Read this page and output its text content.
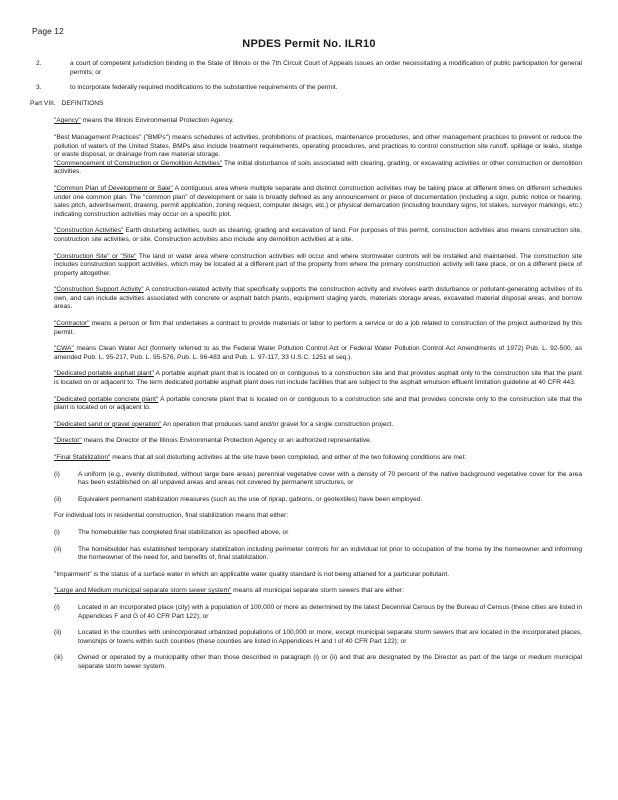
Page 12
NPDES Permit No. ILR10
2.	a court of competent jurisdiction binding in the State of Illinois or the 7th Circuit Court of Appeals issues an order necessitating a modification of public participation for general permits; or
3.	to incorporate federally required modifications to the substantive requirements of the permit.
Part VIII. DEFINITIONS
"Agency" means the Illinois Environmental Protection Agency.
"Best Management Practices" ("BMPs") means schedules of activities, prohibitions of practices, maintenance procedures, and other management practices to prevent or reduce the pollution of waters of the United States. BMPs also include treatment requirements, operating procedures, and practices to control construction site runoff, spillage or leaks, sludge or waste disposal, or drainage from raw material storage.
"Commencement of Construction or Demolition Activities" The initial disturbance of soils associated with clearing, grading, or excavating activities or other construction or demolition activities.
"Common Plan of Development or Sale" A contiguous area where multiple separate and distinct construction activities may be taking place at different times on different schedules under one common plan. The "common plan" of development or sale is broadly defined as any announcement or piece of documentation (including a sign, public notice or hearing, sales pitch, advertisement, drawing, permit application, zoning request, computer design, etc.) or physical demarcation (including boundary signs, lot stakes, surveyor markings, etc.) indicating construction activities may occur on a specific plot.
"Construction Activities" Earth disturbing activities, such as clearing, grading and excavation of land. For purposes of this permit, construction activities also means construction site, construction site activities, or site. Construction activities also include any demolition activities at a site.
"Construction Site" or "Site" The land or water area where construction activities will occur and where stormwater controls will be installed and maintained. The construction site includes construction support activities, which may be located at a different part of the property from where the primary construction activity will take place, or on a different piece of property altogether.
"Construction Support Activity" A construction-related activity that specifically supports the construction activity and involves earth disturbance or pollutant-generating activities of its own, and can include activities associated with concrete or asphalt batch plants, equipment staging yards, materials storage areas, excavated material disposal areas, and borrow areas.
"Contractor" means a person or firm that undertakes a contract to provide materials or labor to perform a service or do a job related to construction of the project authorized by this permit.
"CWA" means Clean Water Act (formerly referred to as the Federal Water Pollution Control Act or Federal Water Pollution Control Act Amendments of 1972) Pub. L. 92-500, as amended Pub. L. 95-217, Pub. L. 95-576, Pub. L. 96-483 and Pub. L. 97-117, 33 U.S.C. 1251 et seq.).
"Dedicated portable asphalt plant" A portable asphalt plant that is located on or contiguous to a construction site and that provides asphalt only to the construction site that the plant is located on or adjacent to. The term dedicated portable asphalt plant does not include facilities that are subject to the asphalt emulsion effluent limitation guideline at 40 CFR 443.
"Dedicated portable concrete plant" A portable concrete plant that is located on or contiguous to a construction site and that provides concrete only to the construction site that the plant is located on or adjacent to.
"Dedicated sand or gravel operation" An operation that produces sand and/or gravel for a single construction project.
"Director" means the Director of the Illinois Environmental Protection Agency or an authorized representative.
"Final Stabilization" means that all soil disturbing activities at the site have been completed, and either of the two following conditions are met:
(i)	A uniform (e.g., evenly distributed, without large bare areas) perennial vegetative cover with a density of 70 percent of the native background vegetative cover for the area has been established on all unpaved areas and areas not covered by permanent structures, or
(ii)	Equivalent permanent stabilization measures (such as the use of riprap, gabions, or geotextiles) have been employed.
For individual lots in residential construction, final stabilization means that either:
(i)	The homebuilder has completed final stabilization as specified above, or
(ii)	The homebuilder has established temporary stabilization including perimeter controls for an individual lot prior to occupation of the home by the homeowner and informing the homeowner of the need for, and benefits of, final stabilization.
"Impairment" is the status of a surface water in which an applicable water quality standard is not being attained for a particular pollutant.
"Large and Medium municipal separate storm sewer system" means all municipal separate storm sewers that are either:
(i)	Located in an incorporated place (city) with a population of 100,000 or more as determined by the latest Decennial Census by the Bureau of Census (these cities are listed in Appendices F and G of 40 CFR Part 122); or
(ii)	Located in the counties with unincorporated urbanized populations of 100,000 or more, except municipal separate storm sewers that are located in the incorporated places, townships or towns within such counties (these counties are listed in Appendices H and I of 40 CFR Part 122); or
(iii)	Owned or operated by a municipality other than those described in paragraph (i) or (ii) and that are designated by the Director as part of the large or medium municipal separate storm sewer system.
